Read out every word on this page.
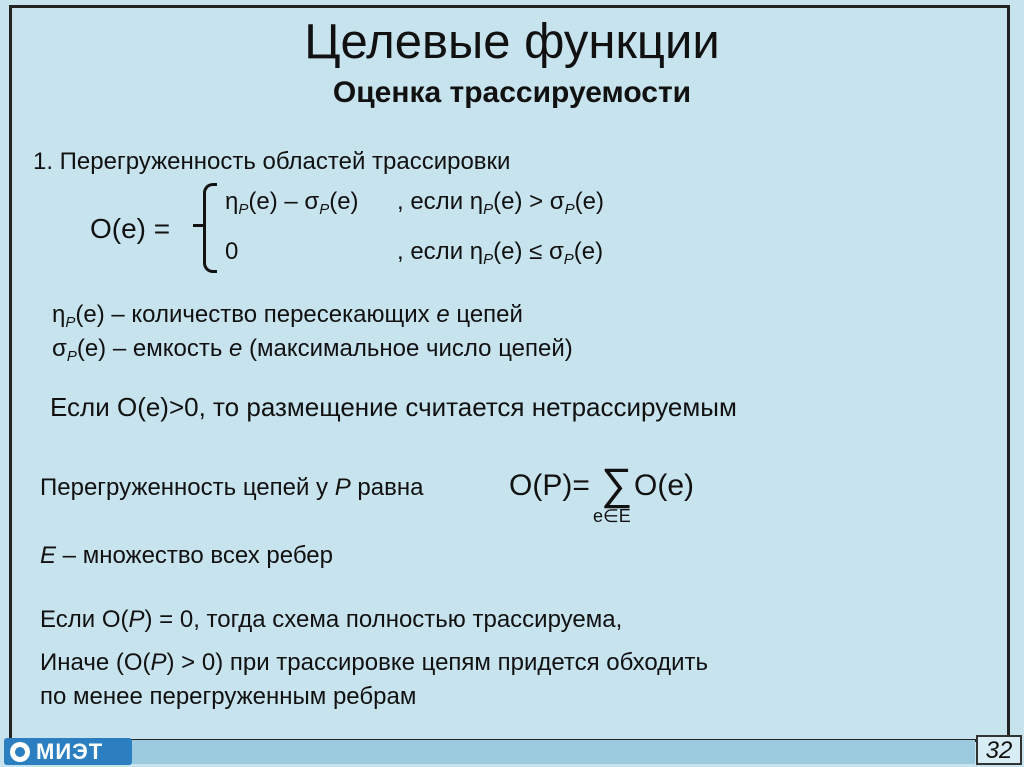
Целевые функции
Оценка трассируемости
1. Перегруженность областей трассировки
O(e) =
$\eta_P(e) - \sigma_P(e)$ , если $\eta_P(e) > \sigma_P(e)$
0	, если $\eta_P(e) \le \sigma_P(e)$
$\eta_P(e)$ – количество пересекающих e цепей
$\sigma_P(e)$ – емкость e (максимальное число цепей)
Если O(e)>0, то размещение считается нетрассируемым
Перегруженность цепей у P равна	O(P)= ∑ O(e)
e∈E
E – множество всех ребер
Если O(P) = 0, тогда схема полностью трассируема,
Иначе (O(P) > 0) при трассировке цепям придется обходить
по менее перегруженным ребрам
МИЭТ	32
